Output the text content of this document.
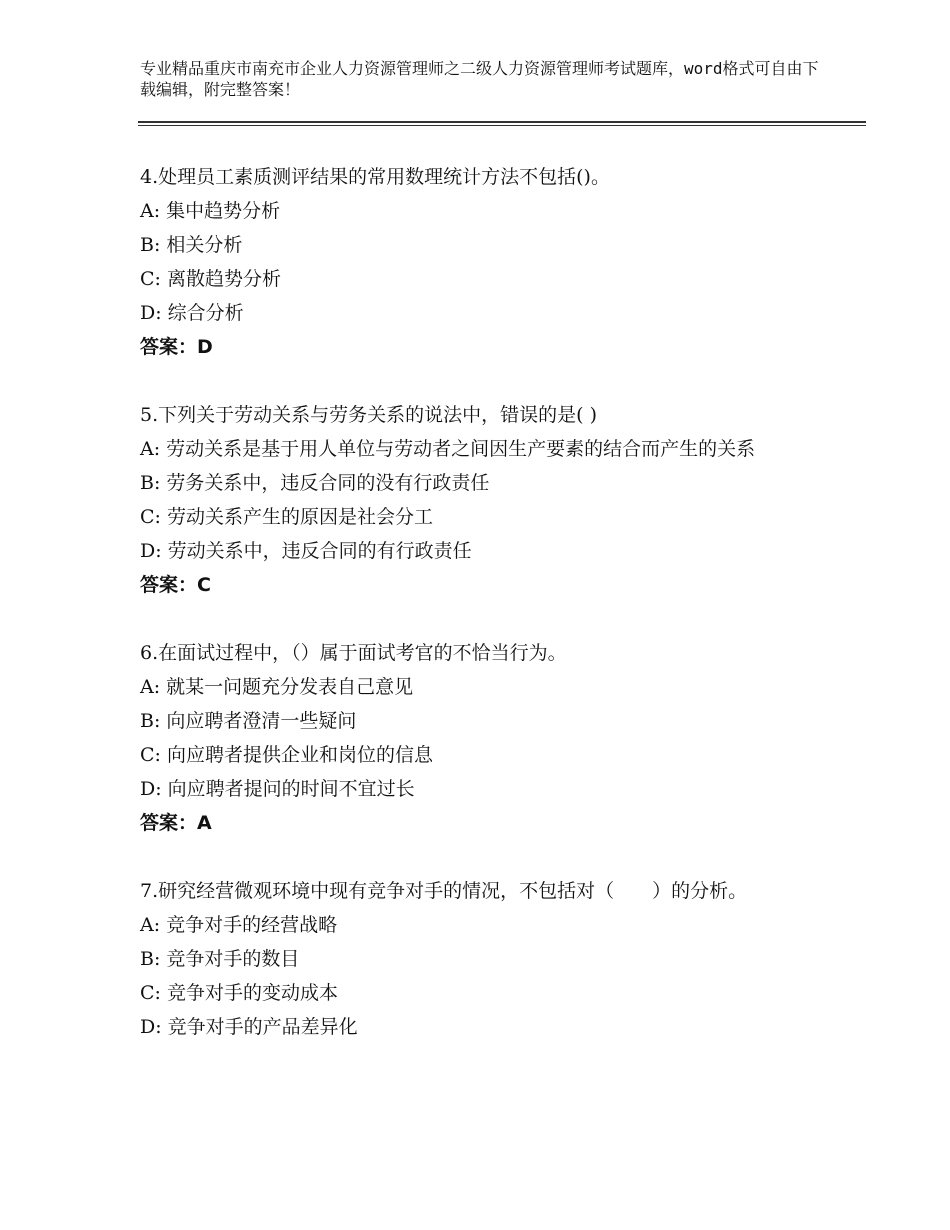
专业精品重庆市南充市企业人力资源管理师之二级人力资源管理师考试题库，word格式可自由下载编辑，附完整答案！
4.处理员工素质测评结果的常用数理统计方法不包括()。
A: 集中趋势分析
B: 相关分析
C: 离散趋势分析
D: 综合分析
答案：D
5.下列关于劳动关系与劳务关系的说法中，错误的是( )
A: 劳动关系是基于用人单位与劳动者之间因生产要素的结合而产生的关系
B: 劳务关系中，违反合同的没有行政责任
C: 劳动关系产生的原因是社会分工
D: 劳动关系中，违反合同的有行政责任
答案：C
6.在面试过程中，（）属于面试考官的不恰当行为。
A: 就某一问题充分发表自己意见
B: 向应聘者澄清一些疑问
C: 向应聘者提供企业和岗位的信息
D: 向应聘者提问的时间不宜过长
答案：A
7.研究经营微观环境中现有竞争对手的情况，不包括对（　　）的分析。
A: 竞争对手的经营战略
B: 竞争对手的数目
C: 竞争对手的变动成本
D: 竞争对手的产品差异化
